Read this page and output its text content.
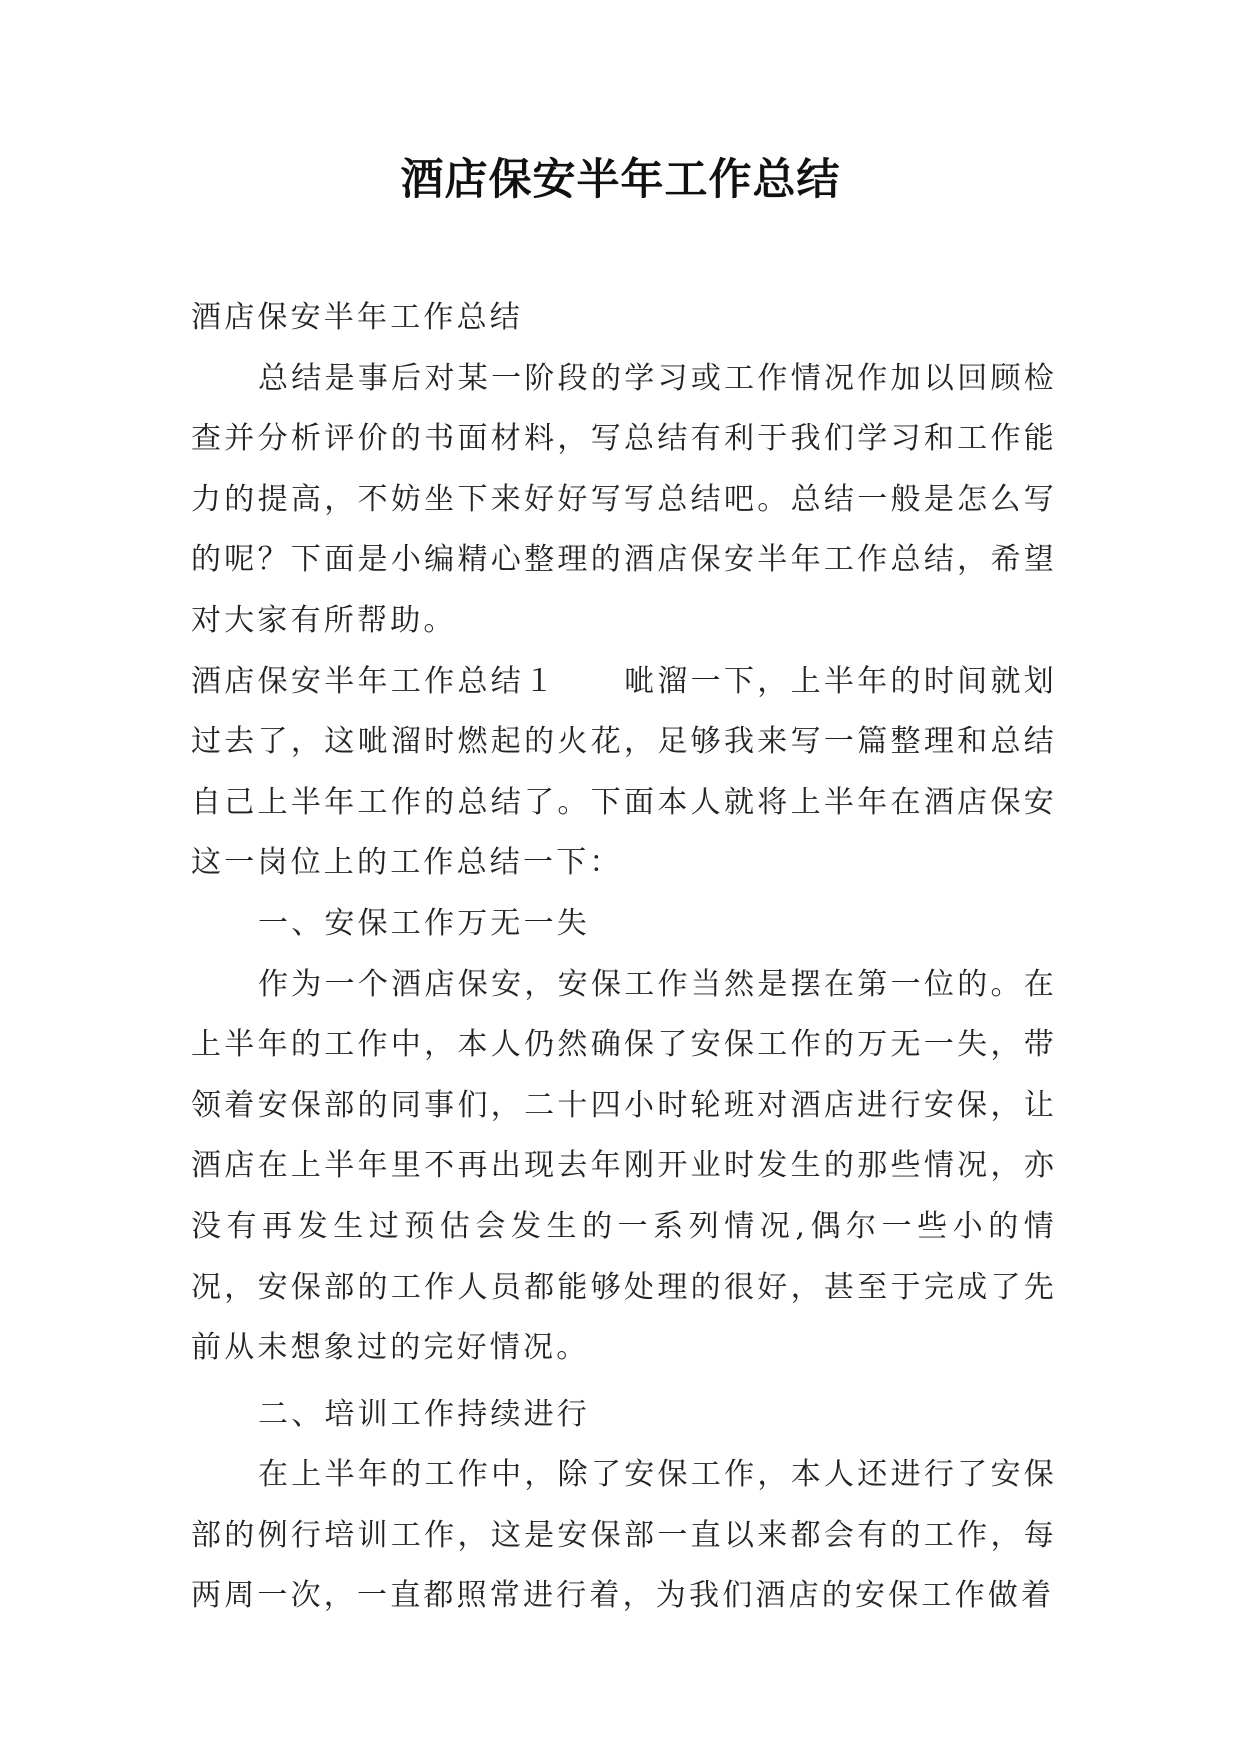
酒店保安半年工作总结

酒店保安半年工作总结

总结是事后对某一阶段的学习或工作情况作加以回顾检查并分析评价的书面材料，写总结有利于我们学习和工作能力的提高，不妨坐下来好好写写总结吧。总结一般是怎么写的呢？下面是小编精心整理的酒店保安半年工作总结，希望对大家有所帮助。

酒店保安半年工作总结１　　呲溜一下，上半年的时间就划过去了，这呲溜时燃起的火花，足够我来写一篇整理和总结自己上半年工作的总结了。下面本人就将上半年在酒店保安这一岗位上的工作总结一下：

一、安保工作万无一失

作为一个酒店保安，安保工作当然是摆在第一位的。在上半年的工作中，本人仍然确保了安保工作的万无一失，带领着安保部的同事们，二十四小时轮班对酒店进行安保，让酒店在上半年里不再出现去年刚开业时发生的那些情况，亦没有再发生过预估会发生的一系列情况,偶尔一些小的情况，安保部的工作人员都能够处理的很好，甚至于完成了先前从未想象过的完好情况。

二、培训工作持续进行

在上半年的工作中，除了安保工作，本人还进行了安保部的例行培训工作，这是安保部一直以来都会有的工作，每两周一次，一直都照常进行着，为我们酒店的安保工作做着
